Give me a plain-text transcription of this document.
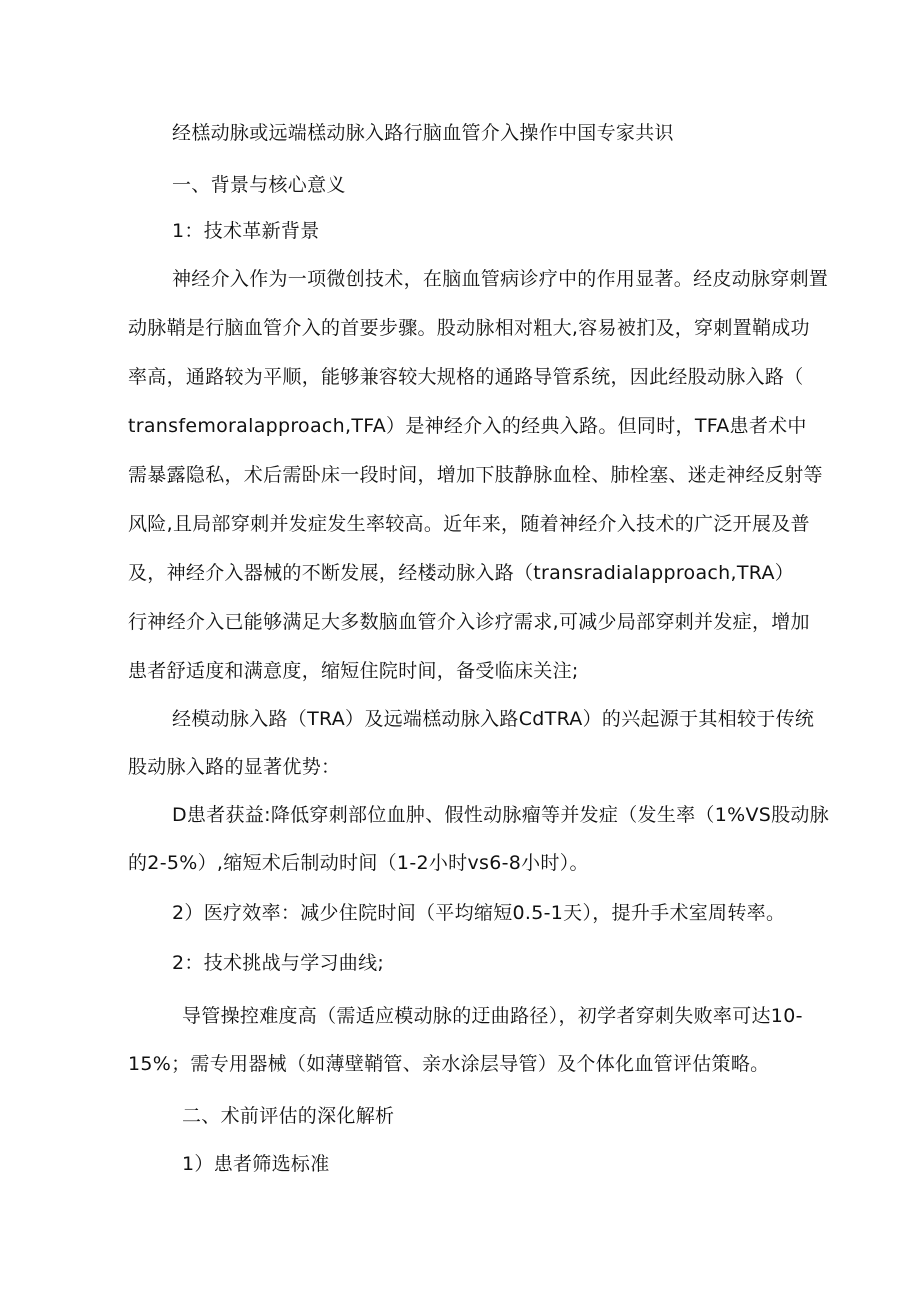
经榚动脉或远端榚动脉入路行脑血管介入操作中国专家共识
一、背景与核心意义
1：技术革新背景
神经介入作为一项微创技术，在脑血管病诊疗中的作用显著。经皮动脉穿刺置
动脉鞘是行脑血管介入的首要步骤。股动脉相对粗大,容易被扪及，穿刺置鞘成功
率高，通路较为平顺，能够兼容较大规格的通路导管系统，因此经股动脉入路（
transfemoralapproach,TFA）是神经介入的经典入路。但同时，TFA患者术中
需暴露隐私，术后需卧床一段时间，增加下肢静脉血栓、肺栓塞、迷走神经反射等
风险,且局部穿刺并发症发生率较高。近年来，随着神经介入技术的广泛开展及普
及，神经介入器械的不断发展，经楼动脉入路（transradialapproach,TRA）
行神经介入已能够满足大多数脑血管介入诊疗需求,可减少局部穿刺并发症，增加
患者舒适度和满意度，缩短住院时间，备受临床关注;
经模动脉入路（TRA）及远端榚动脉入路CdTRA）的兴起源于其相较于传统
股动脉入路的显著优势：
D患者获益:降低穿刺部位血肿、假性动脉瘤等并发症（发生率（1%VS股动脉
的2-5%）,缩短术后制动时间（1-2小时vs6-8小时）。
2）医疗效率：减少住院时间（平均缩短0.5-1天），提升手术室周转率。
2：技术挑战与学习曲线;
导管操控难度高（需适应模动脉的迂曲路径），初学者穿刺失败率可达10-
15%；需专用器械（如薄壁鞘管、亲水涂层导管）及个体化血管评估策略。
二、术前评估的深化解析
1）患者筛选标准
